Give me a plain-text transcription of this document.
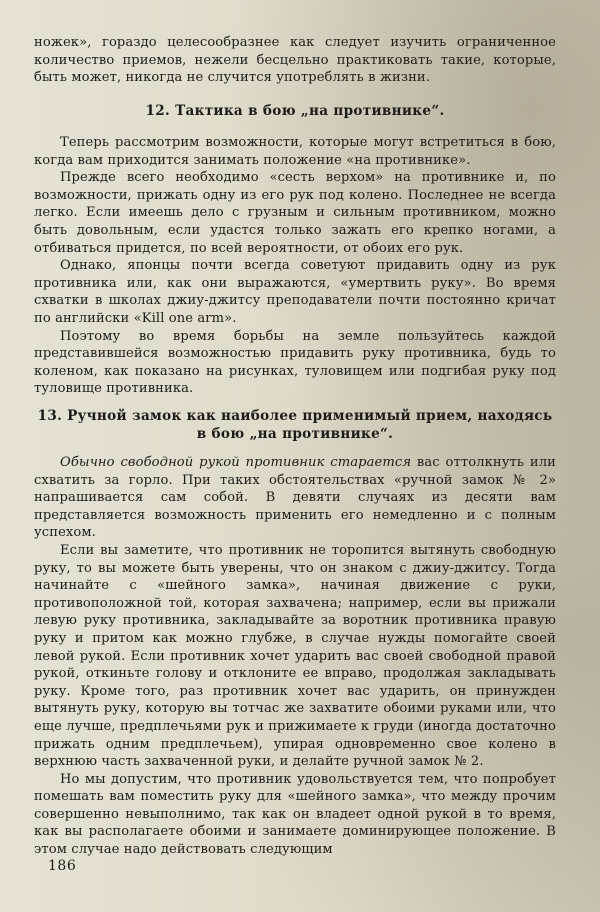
ножек», гораздо целесообразнее как следует изучить ограниченное количество приемов, нежели бесцельно практиковать такие, которые, быть может, никогда не случится употреблять в жизни.

12. Тактика в бою „на противнике“.

Теперь рассмотрим возможности, которые могут встретиться в бою, когда вам приходится занимать положение «на противнике».

Прежде всего необходимо «сесть верхом» на противнике и, по возможности, прижать одну из его рук под колено. Последнее не всегда легко. Если имеешь дело с грузным и сильным противником, можно быть довольным, если удастся только зажать его крепко ногами, а отбиваться придется, по всей вероятности, от обоих его рук.

Однако, японцы почти всегда советуют придавить одну из рук противника или, как они выражаются, «умертвить руку». Во время схватки в школах джиу-джитсу преподаватели почти постоянно кричат по английски «Kill one arm».

Поэтому во время борьбы на земле пользуйтесь каждой представившейся возможностью придавить руку противника, будь то коленом, как показано на рисунках, туловищем или подгибая руку под туловище противника.

13. Ручной замок как наиболее применимый прием, находясь
в бою „на противнике“.

Обычно свободной рукой противник старается вас оттолкнуть или схватить за горло. При таких обстоятельствах «ручной замок № 2» напрашивается сам собой. В девяти случаях из десяти вам представляется возможность применить его немедленно и с полным успехом.

Если вы заметите, что противник не торопится вытянуть свободную руку, то вы можете быть уверены, что он знаком с джиу-джитсу. Тогда начинайте с «шейного замка», начиная движение с руки, противоположной той, которая захвачена; например, если вы прижали левую руку противника, закладывайте за воротник противника правую руку и притом как можно глубже, в случае нужды помогайте своей левой рукой. Если противник хочет ударить вас своей свободной правой рукой, откиньте голову и отклоните ее вправо, продолжая закладывать руку. Кроме того, раз противник хочет вас ударить, он принужден вытянуть руку, которую вы тотчас же захватите обоими руками или, что еще лучше, предплечьями рук и прижимаете к груди (иногда достаточно прижать одним предплечьем), упирая одновременно свое колено в верхнюю часть захваченной руки, и делайте ручной замок № 2.

Но мы допустим, что противник удовольствуется тем, что попробует помешать вам поместить руку для «шейного замка», что между прочим совершенно невыполнимо, так как он владеет одной рукой в то время, как вы располагаете обоими и занимаете доминирующее положение. В этом случае надо действовать следующим

186
